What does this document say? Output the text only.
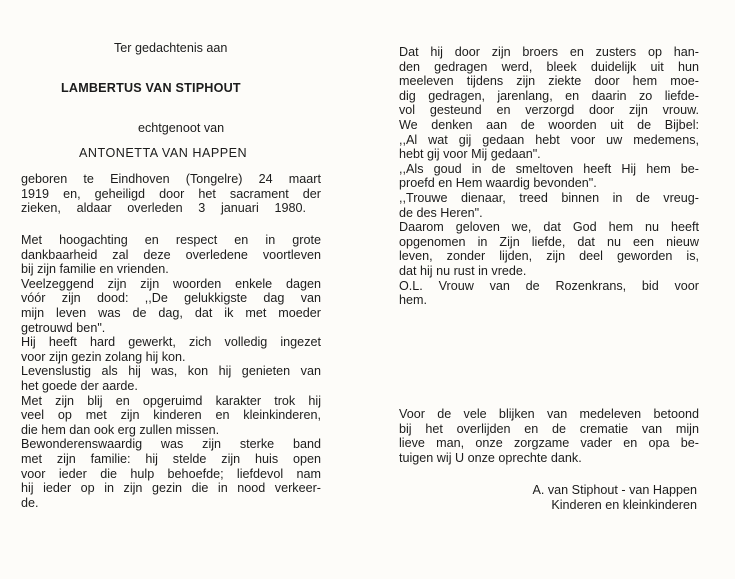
Ter gedachtenis aan
LAMBERTUS VAN STIPHOUT
echtgenoot van
ANTONETTA VAN HAPPEN
geboren te Eindhoven (Tongelre) 24 maart
1919 en, geheiligd door het sacrament der
zieken, aldaar overleden 3 januari 1980.
Met hoogachting en respect en in grote
dankbaarheid zal deze overledene voortleven
bij zijn familie en vrienden.
Veelzeggend zijn zijn woorden enkele dagen
vóór zijn dood: ,,De gelukkigste dag van
mijn leven was de dag, dat ik met moeder
getrouwd ben".
Hij heeft hard gewerkt, zich volledig ingezet
voor zijn gezin zolang hij kon.
Levenslustig als hij was, kon hij genieten van
het goede der aarde.
Met zijn blij en opgeruimd karakter trok hij
veel op met zijn kinderen en kleinkinderen,
die hem dan ook erg zullen missen.
Bewonderenswaardig was zijn sterke band
met zijn familie: hij stelde zijn huis open
voor ieder die hulp behoefde; liefdevol nam
hij ieder op in zijn gezin die in nood verkeer-
de.
Dat hij door zijn broers en zusters op han-
den gedragen werd, bleek duidelijk uit hun
meeleven tijdens zijn ziekte door hem moe-
dig gedragen, jarenlang, en daarin zo liefde-
vol gesteund en verzorgd door zijn vrouw.
We denken aan de woorden uit de Bijbel:
,,Al wat gij gedaan hebt voor uw medemens,
hebt gij voor Mij gedaan".
,,Als goud in de smeltoven heeft Hij hem be-
proefd en Hem waardig bevonden".
,,Trouwe dienaar, treed binnen in de vreug-
de des Heren".
Daarom geloven we, dat God hem nu heeft
opgenomen in Zijn liefde, dat nu een nieuw
leven, zonder lijden, zijn deel geworden is,
dat hij nu rust in vrede.
O.L. Vrouw van de Rozenkrans, bid voor
hem.
Voor de vele blijken van medeleven betoond
bij het overlijden en de crematie van mijn
lieve man, onze zorgzame vader en opa be-
tuigen wij U onze oprechte dank.
A. van Stiphout - van Happen
Kinderen en kleinkinderen
